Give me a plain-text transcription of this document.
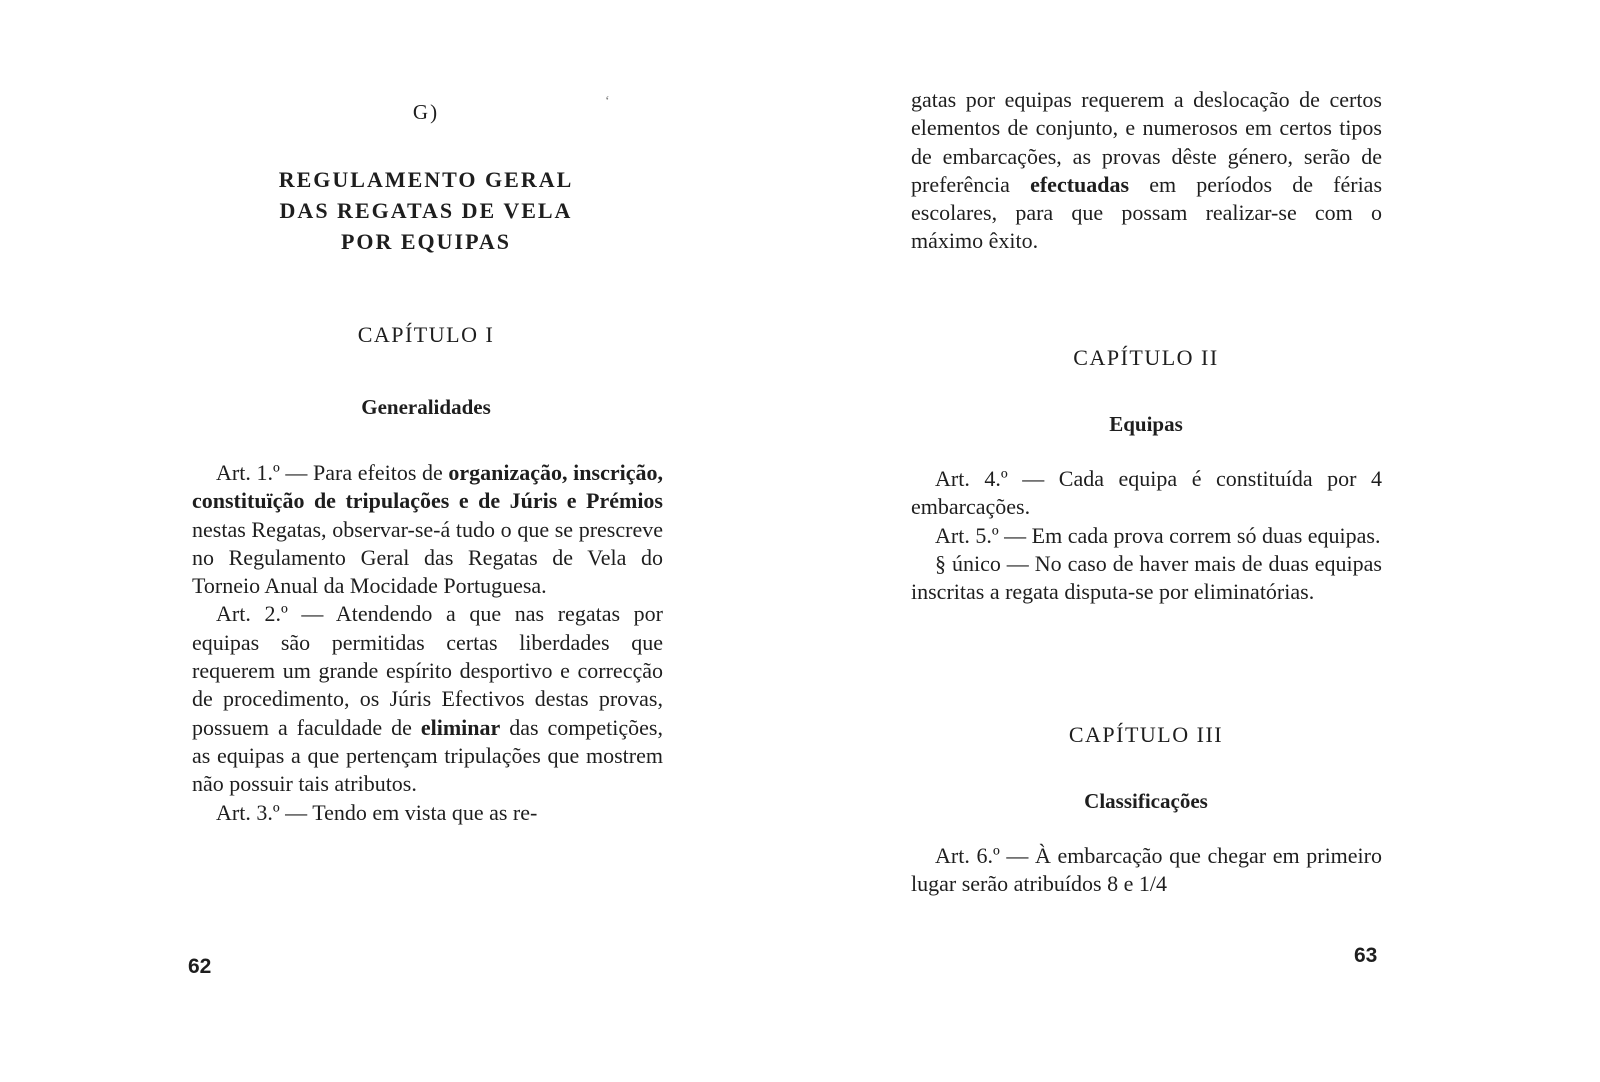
G)	ʻ
REGULAMENTO GERAL
DAS REGATAS DE VELA
POR EQUIPAS
CAPÍTULO I
Generalidades

Art. 1.º — Para efeitos de organização, inscrição, constituïção de tripulações e de Júris e Prémios nestas Regatas, observar-se-á tudo o que se prescreve no Regulamento Geral das Regatas de Vela do Torneio Anual da Mocidade Portuguesa.

Art. 2.º — Atendendo a que nas regatas por equipas são permitidas certas liberdades que requerem um grande espírito desportivo e correcção de procedimento, os Júris Efectivos destas provas, possuem a faculdade de eliminar das competições, as equipas a que pertençam tripulações que mostrem não possuir tais atributos.

Art. 3.º — Tendo em vista que as re-

62

gatas por equipas requerem a deslocação de certos elementos de conjunto, e numerosos em certos tipos de embarcações, as provas dêste género, serão de preferência efectuadas em períodos de férias escolares, para que possam realizar-se com o máximo êxito.

CAPÍTULO II
Equipas

Art. 4.º — Cada equipa é constituída por 4 embarcações.

Art. 5.º — Em cada prova correm só duas equipas.

§ único — No caso de haver mais de duas equipas inscritas a regata disputa-se por eliminatórias.

CAPÍTULO III
Classificações

Art. 6.º — À embarcação que chegar em primeiro lugar serão atribuídos 8 e 1/4

63
